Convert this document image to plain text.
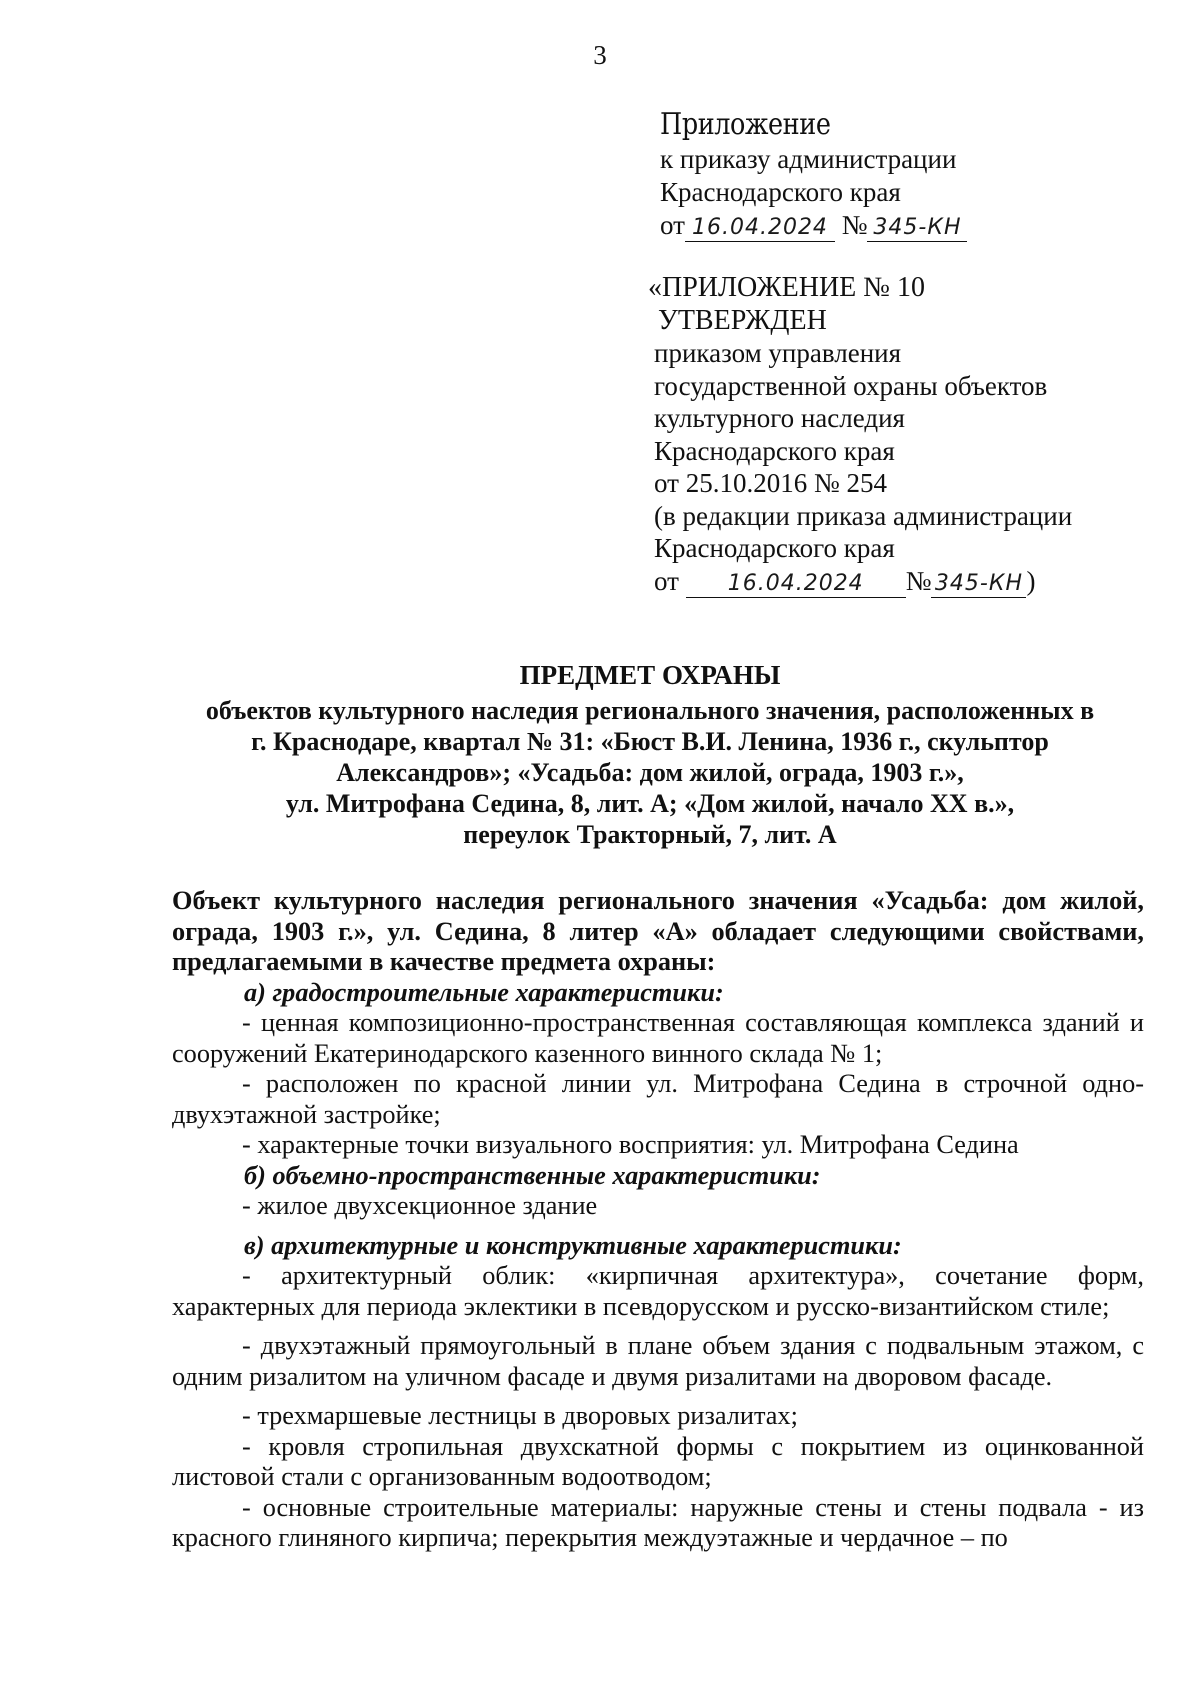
3
Приложение
к приказу администрации
Краснодарского края
от 16.04.2024 № 345-КН
«ПРИЛОЖЕНИЕ № 10
УТВЕРЖДЕН
приказом управления
государственной охраны объектов
культурного наследия
Краснодарского края
от 25.10.2016 № 254
(в редакции приказа администрации
Краснодарского края
от 16.04.2024 № 345-КН )
ПРЕДМЕТ ОХРАНЫ
объектов культурного наследия регионального значения, расположенных в
г. Краснодаре, квартал № 31: «Бюст В.И. Ленина, 1936 г., скульптор
Александров»; «Усадьба: дом жилой, ограда, 1903 г.»,
ул. Митрофана Седина, 8, лит. А; «Дом жилой, начало XX в.»,
переулок Тракторный, 7, лит. А

Объект культурного наследия регионального значения «Усадьба: дом жилой, ограда, 1903 г.», ул. Седина, 8 литер «А» обладает следующими свойствами, предлагаемыми в качестве предмета охраны:

а) градостроительные характеристики:

- ценная композиционно-пространственная составляющая комплекса зданий и сооружений Екатеринодарского казенного винного склада № 1;

- расположен по красной линии ул. Митрофана Седина в строчной одно-двухэтажной застройке;

- характерные точки визуального восприятия: ул. Митрофана Седина

б) объемно-пространственные характеристики:

- жилое двухсекционное здание

в) архитектурные и конструктивные характеристики:

- архитектурный облик: «кирпичная архитектура», сочетание форм, характерных для периода эклектики в псевдорусском и русско-византийском стиле;

- двухэтажный прямоугольный в плане объем здания с подвальным этажом, с одним ризалитом на уличном фасаде и двумя ризалитами на дворовом фасаде.

- трехмаршевые лестницы в дворовых ризалитах;

- кровля стропильная двухскатной формы с покрытием из оцинкованной листовой стали с организованным водоотводом;

- основные строительные материалы: наружные стены и стены подвала - из красного глиняного кирпича; перекрытия междуэтажные и чердачное – по
